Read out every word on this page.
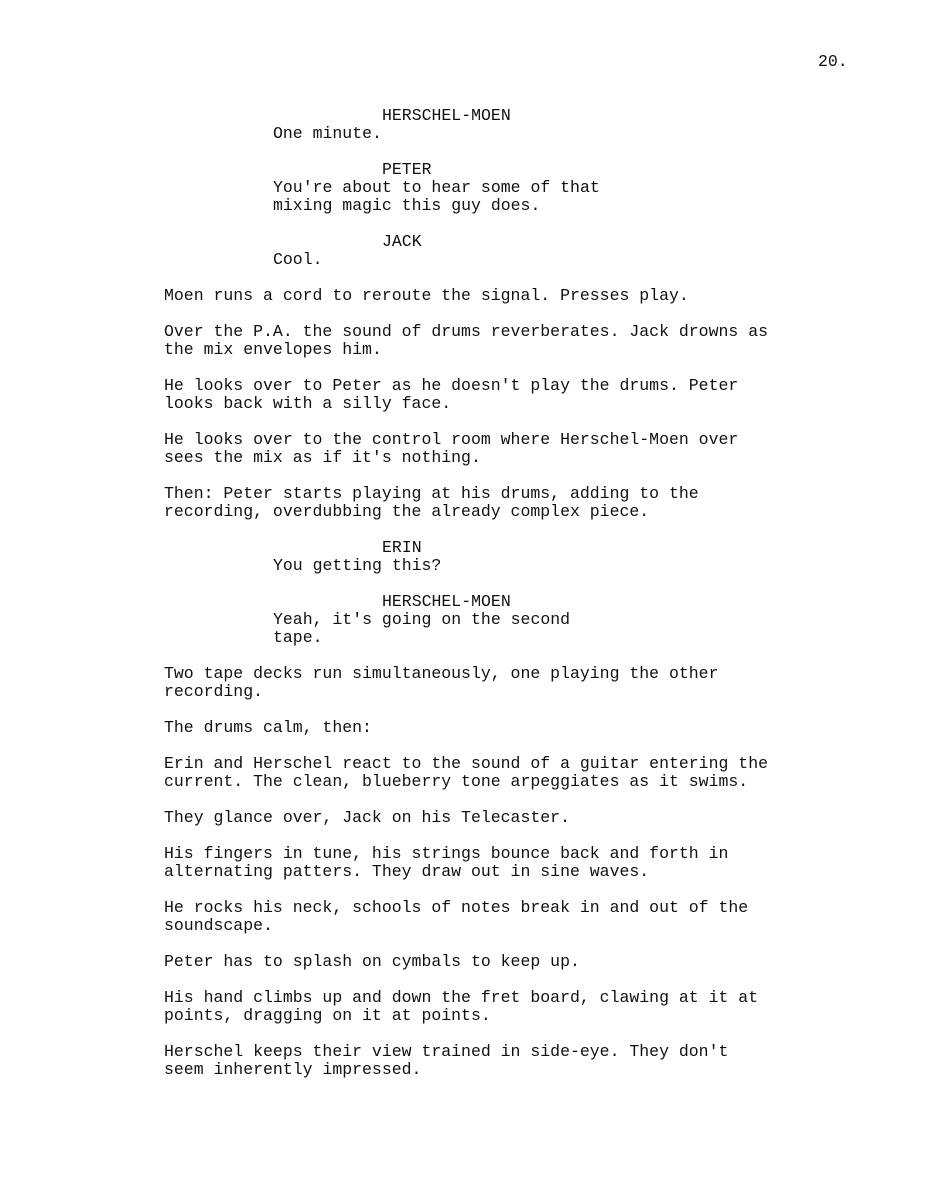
20.
HERSCHEL-MOEN
One minute.
PETER
You're about to hear some of that
mixing magic this guy does.
JACK
Cool.
Moen runs a cord to reroute the signal. Presses play.
Over the P.A. the sound of drums reverberates. Jack drowns as
the mix envelopes him.
He looks over to Peter as he doesn't play the drums. Peter
looks back with a silly face.
He looks over to the control room where Herschel-Moen over
sees the mix as if it's nothing.
Then: Peter starts playing at his drums, adding to the
recording, overdubbing the already complex piece.
ERIN
You getting this?
HERSCHEL-MOEN
Yeah, it's going on the second
tape.
Two tape decks run simultaneously, one playing the other
recording.
The drums calm, then:
Erin and Herschel react to the sound of a guitar entering the
current. The clean, blueberry tone arpeggiates as it swims.
They glance over, Jack on his Telecaster.
His fingers in tune, his strings bounce back and forth in
alternating patters. They draw out in sine waves.
He rocks his neck, schools of notes break in and out of the
soundscape.
Peter has to splash on cymbals to keep up.
His hand climbs up and down the fret board, clawing at it at
points, dragging on it at points.
Herschel keeps their view trained in side-eye. They don't
seem inherently impressed.
